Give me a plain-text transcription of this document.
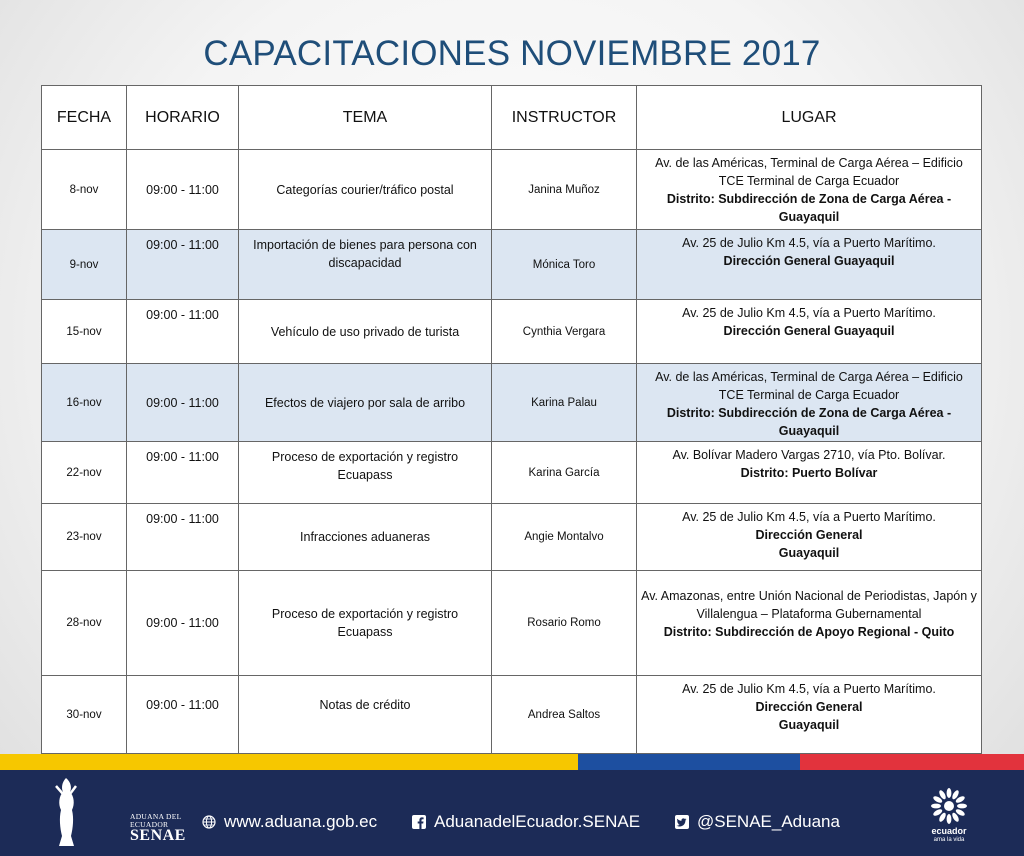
CAPACITACIONES NOVIEMBRE 2017
FECHA	HORARIO	TEMA	INSTRUCTOR	LUGAR
8-nov	09:00 - 11:00	Categorías courier/tráfico postal	Janina Muñoz	Av. de las Américas, Terminal de Carga Aérea – Edificio TCE Terminal de Carga Ecuador
Distrito: Subdirección de Zona de Carga Aérea - Guayaquil

9-nov	09:00 - 11:00	Importación de bienes para persona con discapacidad	Mónica Toro	Av. 25 de Julio Km 4.5, vía a Puerto Marítimo.
Dirección General Guayaquil

15-nov	09:00 - 11:00	Vehículo de uso privado de turista	Cynthia Vergara	Av. 25 de Julio Km 4.5, vía a Puerto Marítimo.
Dirección General Guayaquil

16-nov	09:00 - 11:00	Efectos de viajero por sala de arribo	Karina Palau	Av. de las Américas, Terminal de Carga Aérea – Edificio TCE Terminal de Carga Ecuador
Distrito: Subdirección de Zona de Carga Aérea - Guayaquil

22-nov	09:00 - 11:00	Proceso de exportación y registro Ecuapass	Karina García	Av. Bolívar Madero Vargas 2710, vía Pto. Bolívar.
Distrito: Puerto Bolívar

23-nov	09:00 - 11:00	Infracciones aduaneras	Angie Montalvo	Av. 25 de Julio Km 4.5, vía a Puerto Marítimo.
Dirección General Guayaquil

28-nov	09:00 - 11:00	Proceso de exportación y registro Ecuapass	Rosario Romo	Av. Amazonas, entre Unión Nacional de Periodistas, Japón y Villalengua – Plataforma Gubernamental
Distrito: Subdirección de Apoyo Regional - Quito

30-nov	09:00 - 11:00	Notas de crédito	Andrea Saltos	Av. 25 de Julio Km 4.5, vía a Puerto Marítimo.
Dirección General Guayaquil
ADUANA DEL
ECUADOR
SENAE
www.aduana.gob.ec	AduanadelEcuador.SENAE	@SENAE_Aduana	ecuador
ama la vida
